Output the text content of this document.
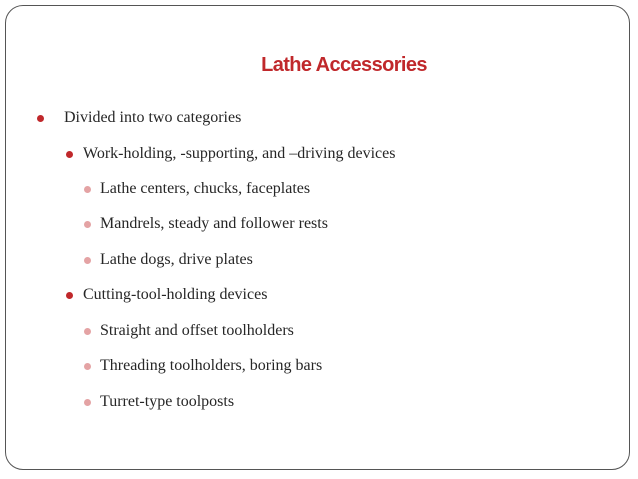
Lathe Accessories
Divided into two categories
Work-holding, -supporting, and –driving devices
Lathe centers, chucks, faceplates
Mandrels, steady and follower rests
Lathe dogs, drive plates
Cutting-tool-holding devices
Straight and offset toolholders
Threading toolholders, boring bars
Turret-type toolposts
